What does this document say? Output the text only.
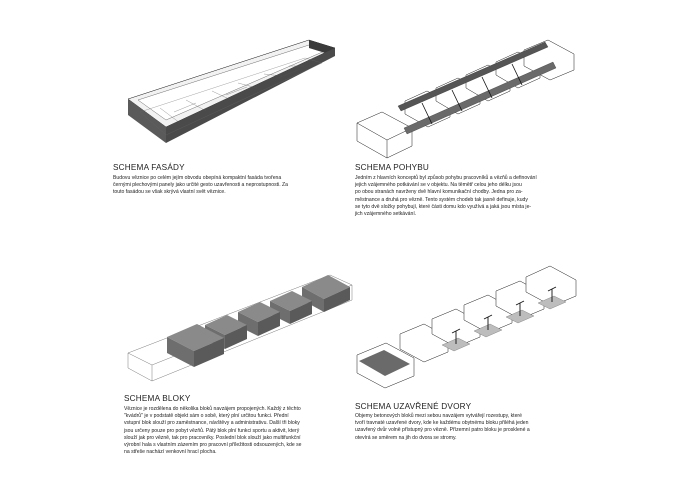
SCHEMA FASÁDY
Budovu věznice po celém jejím obvodu obepíná kompaktní fasáda tvořena
černými plechovými panely jako určité gesto uzavřenosti a neprostupnosti. Za
touto fasádou se však skrývá vlastní svět věznice.
SCHEMA POHYBU
Jedním z hlavních konceptů byl způsob pohybu pracovníků a vězňů a definování
jejich vzájemného potkávání se v objektu. Na těmětř celou jeho délku jsou
po obou stranách navrženy dvě hlavní komunikační chodby. Jedna pro za-
městnance a druhá pro vězně. Tento systém chodeb tak jasně definuje, kudy
se tyto dvě složky pohybují, které části domu kdo využívá a jaká jsou místa je-
jich vzájemného setkávání.
SCHEMA BLOKY
Věznice je rozdělena do několika bloků navzájem propojených. Každý z těchto
"kvádrů" je v podstatě objekt sám o sobě, který plní určitou funkci. Přední
vstupní blok slouží pro zaměstnance, návštěvy a administrativu. Další tři bloky
jsou určeny pouze pro pobyt vězňů. Pátý blok plní funkci sportu a aktivit, který
slouží jak pro vězně, tak pro pracovníky. Poslední blok slouží jako multifunkční
výrobní hala s vlastním zázemím pro pracovní příležitosti odsouzených, kde se
na střeše nachází venkovní hrací plocha.
SCHEMA UZAVŘENÉ DVORY
Objemy betonových bloků mezi sebou navzájem vytvářejí rozestupy, které
tvoří travnaté uzavřené dvory, kde ke každému obytnému bloku přiléhá jeden
uzavřený dvůr volně přístupný pro vězně. Přízemní patro bloku je prosklené a
otevírá se směrem na jih do dvora se stromy.
